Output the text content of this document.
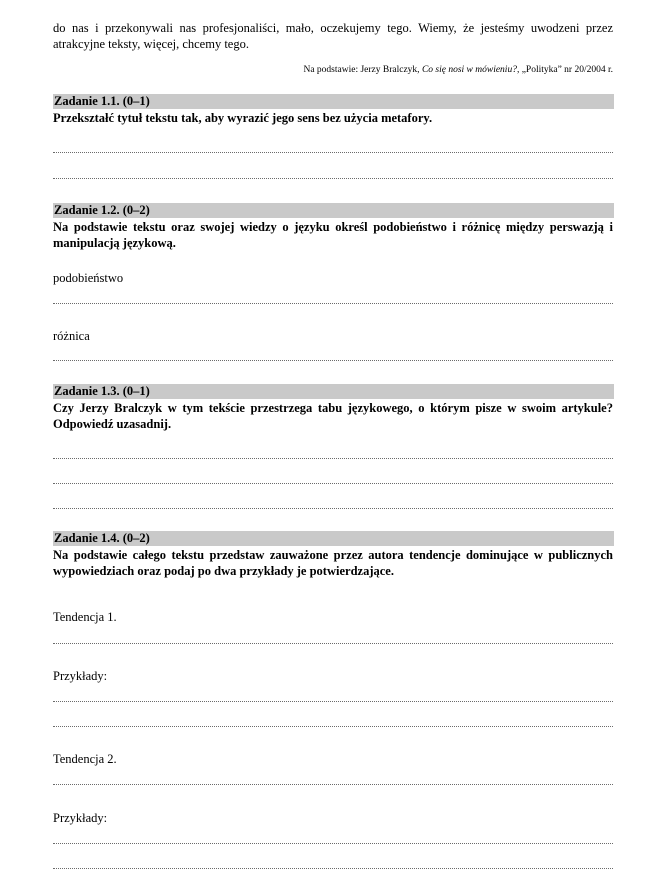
do nas i przekonywali nas profesjonaliści, mało, oczekujemy tego. Wiemy, że jesteśmy uwodzeni przez atrakcyjne teksty, więcej, chcemy tego.

Na podstawie: Jerzy Bralczyk, Co się nosi w mówieniu?, „Polityka” nr 20/2004 r.
Zadanie 1.1. (0–1)

Przekształć tytuł tekstu tak, aby wyrazić jego sens bez użycia metafory.

Zadanie 1.2. (0–2)

Na podstawie tekstu oraz swojej wiedzy o języku określ podobieństwo i różnicę między perswazją i manipulacją językową.

podobieństwo
różnica
Zadanie 1.3. (0–1)

Czy Jerzy Bralczyk w tym tekście przestrzega tabu językowego, o którym pisze w swoim artykule? Odpowiedź uzasadnij.

Zadanie 1.4. (0–2)

Na podstawie całego tekstu przedstaw zauważone przez autora tendencje dominujące w publicznych wypowiedziach oraz podaj po dwa przykłady je potwierdzające.

Tendencja 1.
Przykłady:
Tendencja 2.
Przykłady:
